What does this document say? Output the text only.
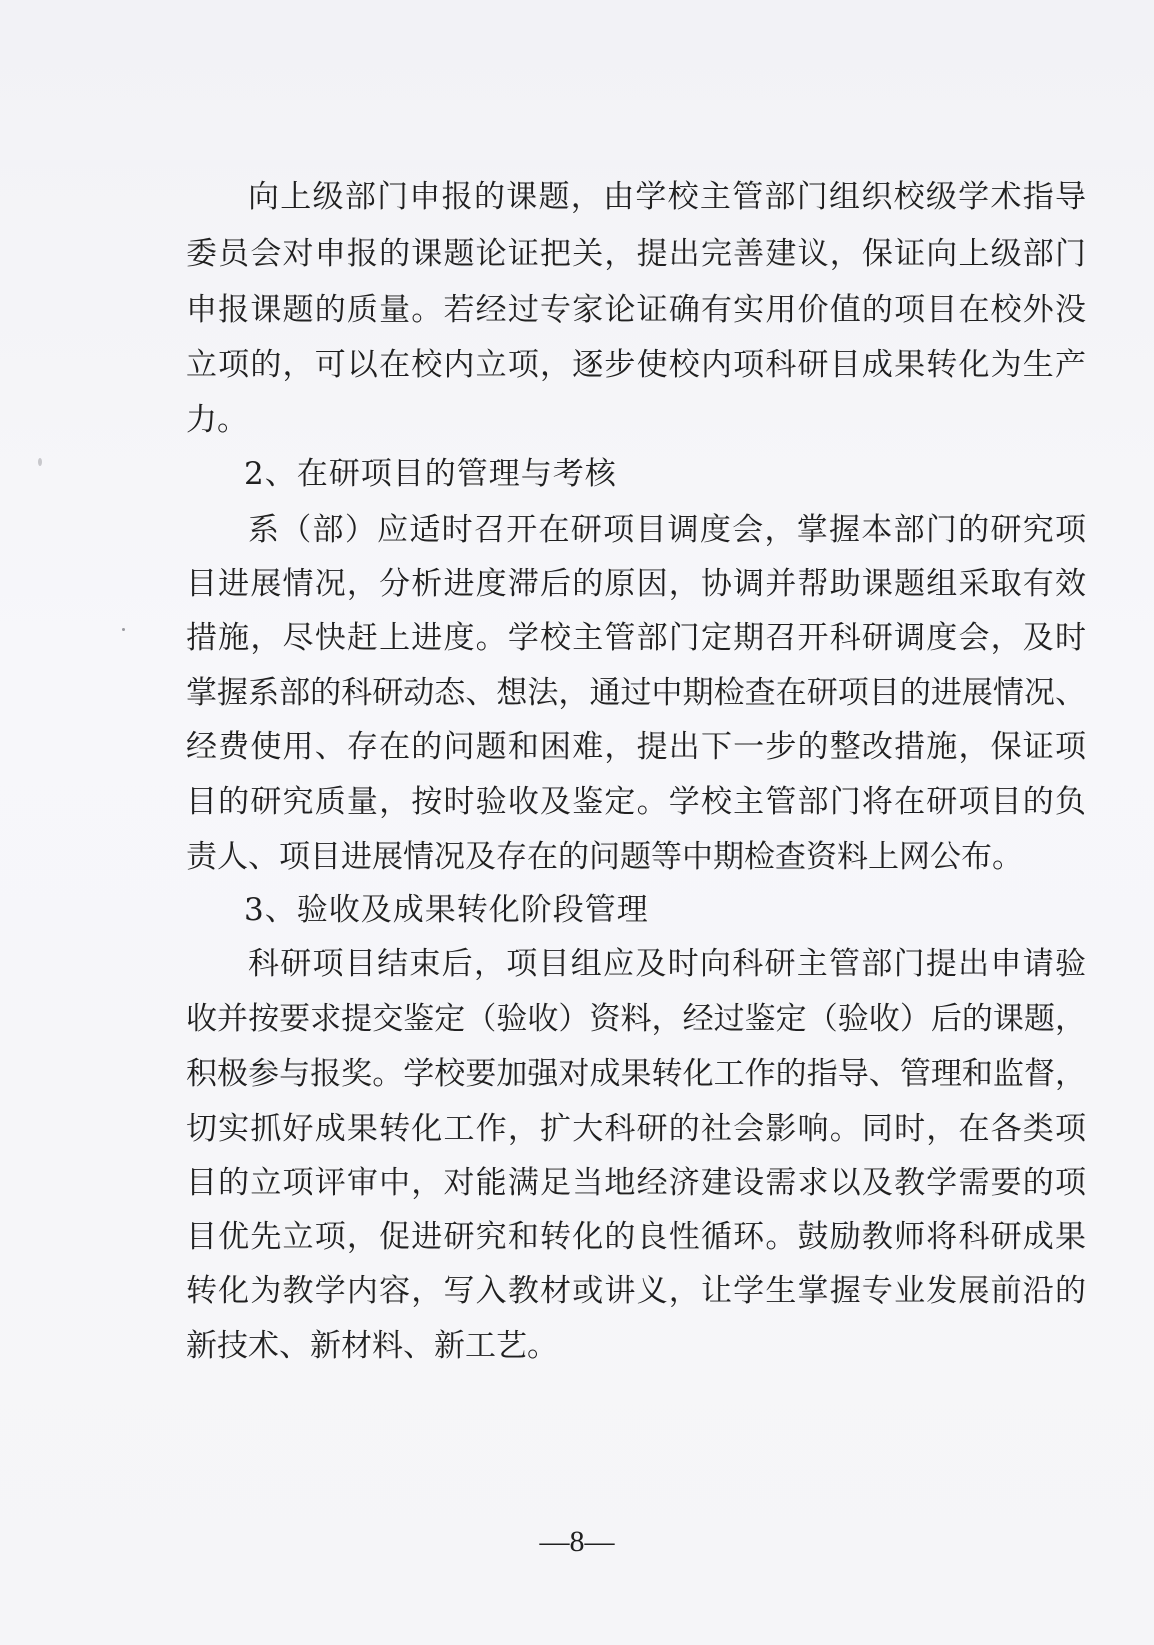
向上级部门申报的课题，由学校主管部门组织校级学术指导
委员会对申报的课题论证把关，提出完善建议，保证向上级部门
申报课题的质量。若经过专家论证确有实用价值的项目在校外没
立项的，可以在校内立项，逐步使校内项科研目成果转化为生产
力。
2、在研项目的管理与考核
系（部）应适时召开在研项目调度会，掌握本部门的研究项
目进展情况，分析进度滞后的原因，协调并帮助课题组采取有效
措施，尽快赶上进度。学校主管部门定期召开科研调度会，及时
掌握系部的科研动态、想法，通过中期检查在研项目的进展情况、
经费使用、存在的问题和困难，提出下一步的整改措施，保证项
目的研究质量，按时验收及鉴定。学校主管部门将在研项目的负
责人、项目进展情况及存在的问题等中期检查资料上网公布。
3、验收及成果转化阶段管理
科研项目结束后，项目组应及时向科研主管部门提出申请验
收并按要求提交鉴定（验收）资料，经过鉴定（验收）后的课题，
积极参与报奖。学校要加强对成果转化工作的指导、管理和监督，
切实抓好成果转化工作，扩大科研的社会影响。同时，在各类项
目的立项评审中，对能满足当地经济建设需求以及教学需要的项
目优先立项，促进研究和转化的良性循环。鼓励教师将科研成果
转化为教学内容，写入教材或讲义，让学生掌握专业发展前沿的
新技术、新材料、新工艺。
—8—
